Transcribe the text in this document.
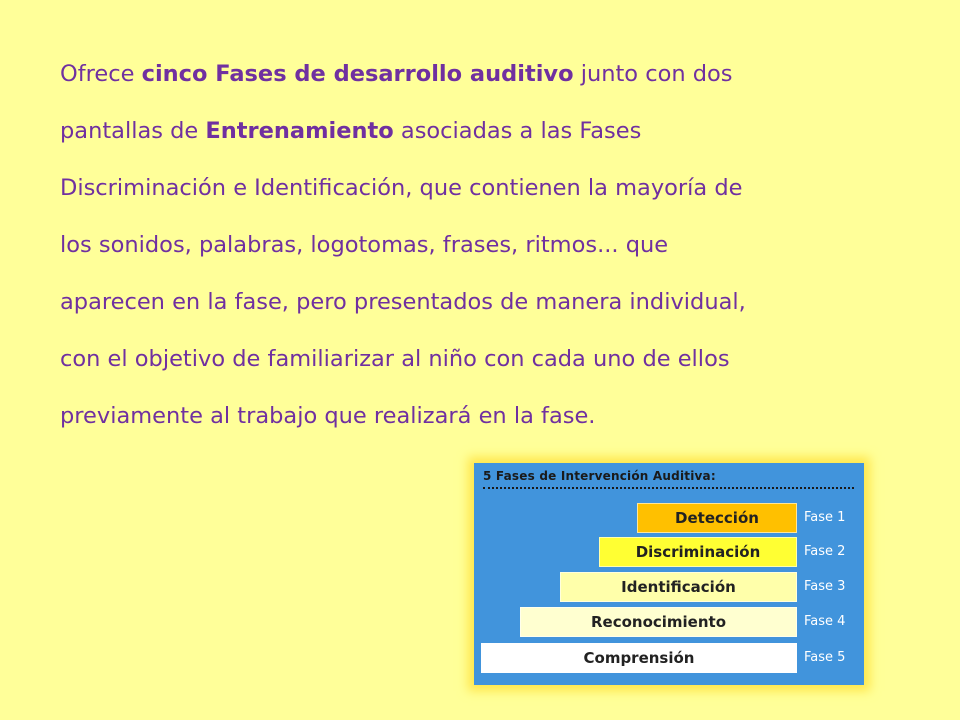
Ofrece cinco Fases de desarrollo auditivo junto con dos
pantallas de Entrenamiento asociadas a las Fases
Discriminación e Identificación, que contienen la mayoría de
los sonidos, palabras, logotomas, frases, ritmos... que
aparecen en la fase, pero presentados de manera individual,
con el objetivo de familiarizar al niño con cada uno de ellos
previamente al trabajo que realizará en la fase.
5 Fases de Intervención Auditiva:
Detección	Fase 1
Discriminación	Fase 2
Identificación	Fase 3
Reconocimiento	Fase 4
Comprensión	Fase 5
